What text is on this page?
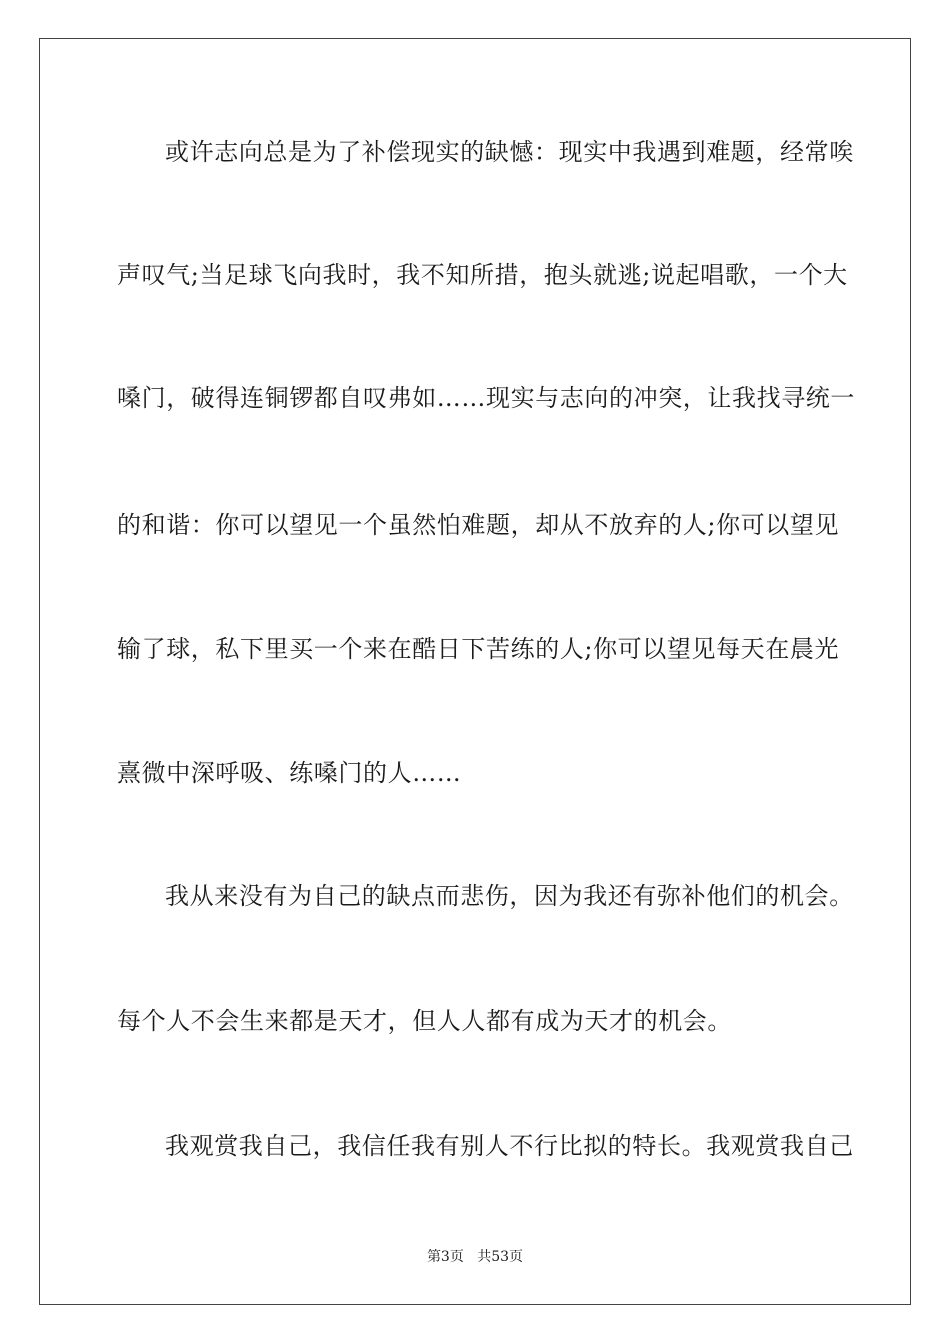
或许志向总是为了补偿现实的缺憾：现实中我遇到难题，经常唉
声叹气;当足球飞向我时，我不知所措，抱头就逃;说起唱歌，一个大
嗓门，破得连铜锣都自叹弗如……现实与志向的冲突，让我找寻统一
的和谐：你可以望见一个虽然怕难题，却从不放弃的人;你可以望见
输了球，私下里买一个来在酷日下苦练的人;你可以望见每天在晨光
熹微中深呼吸、练嗓门的人……
我从来没有为自己的缺点而悲伤，因为我还有弥补他们的机会。
每个人不会生来都是天才，但人人都有成为天才的机会。
我观赏我自己，我信任我有别人不行比拟的特长。我观赏我自己
第3页 共53页
